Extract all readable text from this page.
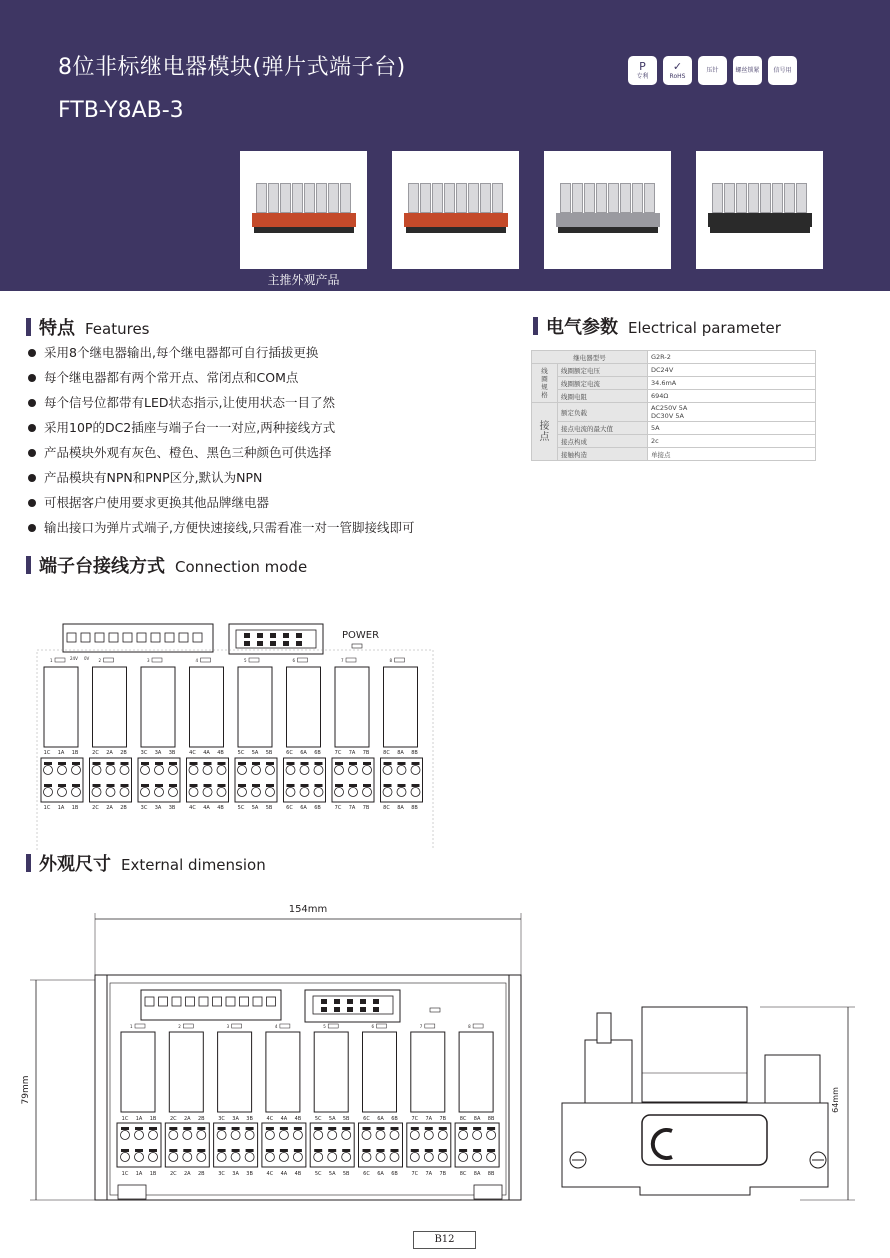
8位非标继电器模块(弹片式端子台)
FTB-Y8AB-3
P
专利
✓
RoHS
压针	螺丝锁紧 信号用
主推外观产品
特点 Features
采用8个继电器输出,每个继电器都可自行插拔更换
每个继电器都有两个常开点、常闭点和COM点
每个信号位都带有LED状态指示,让使用状态一目了然
采用10P的DC2插座与端子台一一对应,两种接线方式
产品模块外观有灰色、橙色、黑色三种颜色可供选择
产品模块有NPN和PNP区分,默认为NPN
可根据客户使用要求更换其他品牌继电器
输出接口为弹片式端子,方便快速接线,只需看准一对一管脚接线即可
电气参数 Electrical parameter
继电器型号		G2R-2
线圈规格	线圈额定电压	DC24V
	线圈额定电流	34.6mA
	线圈电阻	694Ω
接点	额定负载	AC250V 5A
DC30V 5A
	接点电流的最大值	5A
	接点构成	2c
	接触构造	单接点
端子台接线方式 Connection mode
POWER
24V 0V
1
1C 1A 1B
1C 1A 1B
2
2C 2A 2B
2C 2A 2B
3
3C 3A 3B
3C 3A 3B
4
4C 4A 4B
4C 4A 4B
5
5C 5A 5B
5C 5A 5B
6
6C 6A 6B
6C 6A 6B
7
7C 7A 7B
7C 7A 7B
8
8C 8A 8B
8C 8A 8B
外观尺寸 External dimension
154mm
79mm	64mm
1
1C 1A 1B
1C 1A 1B
2
2C 2A 2B
2C 2A 2B
3
3C 3A 3B
3C 3A 3B
4
4C 4A 4B
4C 4A 4B
5
5C 5A 5B
5C 5A 5B
6
6C 6A 6B
6C 6A 6B
7
7C 7A 7B
7C 7A 7B
8
8C 8A 8B
8C 8A 8B
B12
